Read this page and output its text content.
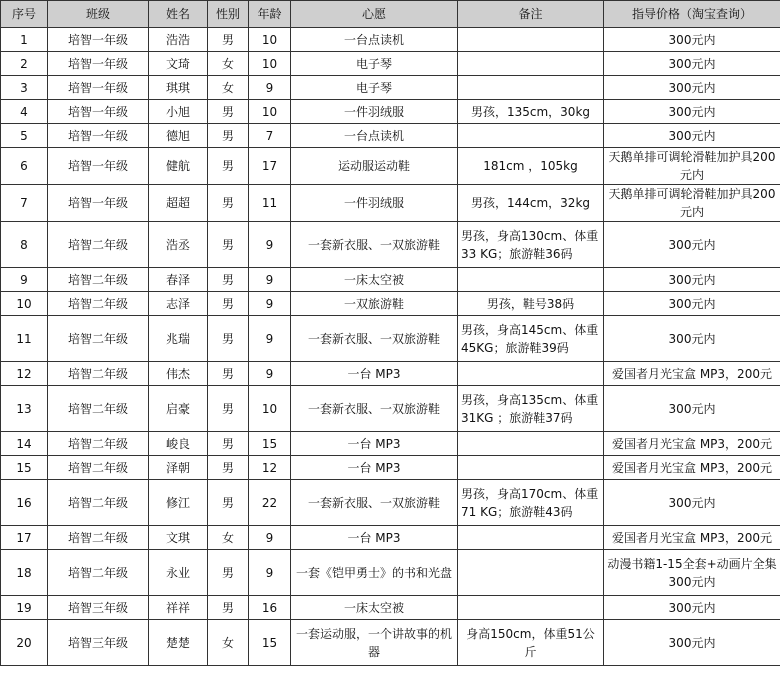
序号	班级	姓名	性别	年龄	心愿	备注	指导价格（淘宝查询）
1	培智一年级	浩浩	男	10	一台点读机		300元内
2	培智一年级	文琦	女	10	电子琴		300元内
3	培智一年级	琪琪	女	9	电子琴		300元内
4	培智一年级	小旭	男	10	一件羽绒服	男孩，135cm，30kg	300元内
5	培智一年级	德旭	男	7	一台点读机		300元内
6	培智一年级	健航	男	17	运动服运动鞋	181cm ，105kg	天鹅单排可调轮滑鞋加护具200元内
7	培智一年级	超超	男	11	一件羽绒服	男孩，144cm，32kg	天鹅单排可调轮滑鞋加护具200元内
8	培智二年级	浩丞	男	9	一套新衣服、一双旅游鞋	男孩，身高130cm、体重 33 KG；旅游鞋36码	300元内
9	培智二年级	春泽	男	9	一床太空被		300元内
10	培智二年级	志泽	男	9	一双旅游鞋	男孩，鞋号38码	300元内
11	培智二年级	兆瑞	男	9	一套新衣服、一双旅游鞋	男孩，身高145cm、体重 45KG；旅游鞋39码	300元内
12	培智二年级	伟杰	男	9	一台 MP3		爱国者月光宝盒 MP3，200元
13	培智二年级	启豪	男	10	一套新衣服、一双旅游鞋	男孩，身高135cm、体重 31KG ；旅游鞋37码	300元内
14	培智二年级	峻良	男	15	一台 MP3		爱国者月光宝盒 MP3，200元
15	培智二年级	泽朝	男	12	一台 MP3		爱国者月光宝盒 MP3，200元
16	培智二年级	修江	男	22	一套新衣服、一双旅游鞋	男孩，身高170cm、体重 71 KG；旅游鞋43码	300元内
17	培智二年级	文琪	女	9	一台 MP3		爱国者月光宝盒 MP3，200元
18	培智二年级	永业	男	9	一套《铠甲勇士》的书和光盘		动漫书籍1-15全套+动画片全集300元内
19	培智三年级	祥祥	男	16	一床太空被		300元内
20	培智三年级	楚楚	女	15	一套运动服，一个讲故事的机器	身高150cm，体重51公斤	300元内
